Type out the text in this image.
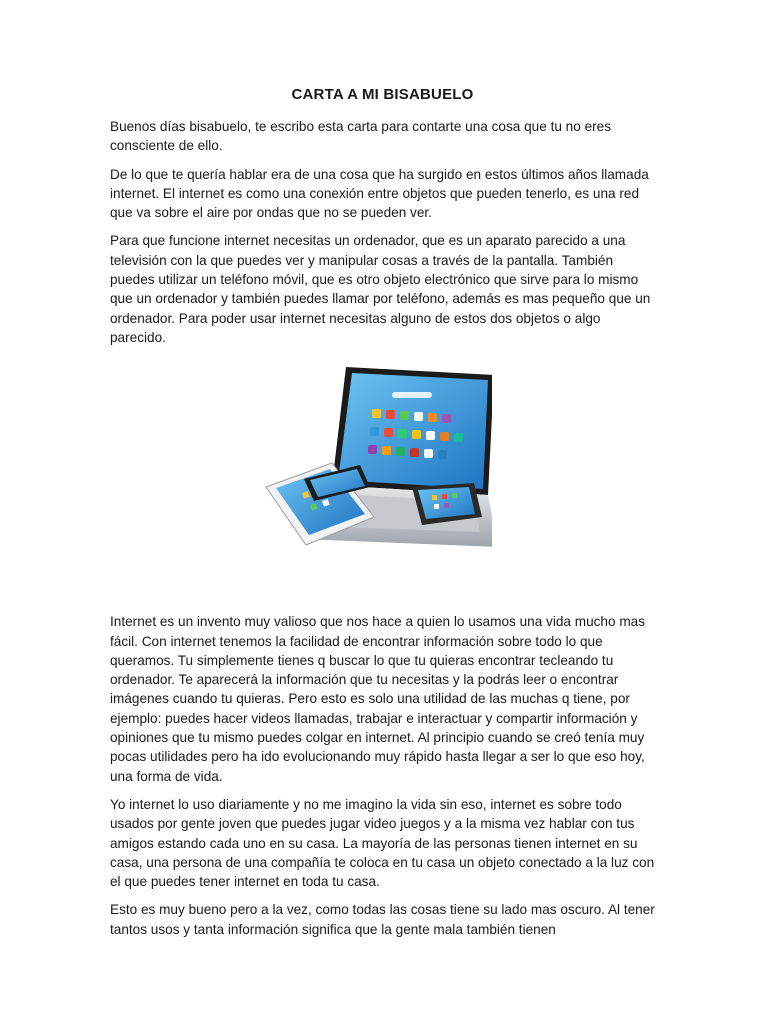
CARTA A MI BISABUELO

Buenos días bisabuelo, te escribo esta carta para contarte una cosa que tu no eres consciente de ello.

De lo que te quería hablar era de una cosa que ha surgido en estos últimos años llamada internet. El internet es como una conexión entre objetos que pueden tenerlo, es una red que va sobre el aire por ondas que no se pueden ver.

Para que funcione internet necesitas un ordenador, que es un aparato parecido a una televisión con la que puedes ver y manipular cosas a través de la pantalla. También puedes utilizar un teléfono móvil, que es otro objeto electrónico que sirve para lo mismo que un ordenador y también puedes llamar por teléfono, además es mas pequeño que un ordenador. Para poder usar internet necesitas alguno de estos dos objetos o algo parecido.

Internet es un invento muy valioso que nos hace a quien lo usamos una vida mucho mas fácil. Con internet tenemos la facilidad de encontrar información sobre todo lo que queramos. Tu simplemente tienes q buscar lo que tu quieras encontrar tecleando tu ordenador. Te aparecerá la información que tu necesitas y la podrás leer o encontrar imágenes cuando tu quieras. Pero esto es solo una utilidad de las muchas q tiene, por ejemplo: puedes hacer videos llamadas, trabajar e interactuar y compartir información y opiniones que tu mismo puedes colgar en internet. Al principio cuando se creó tenía muy pocas utilidades pero ha ido evolucionando muy rápido hasta llegar a ser lo que eso hoy, una forma de vida.

Yo internet lo uso diariamente y no me imagino la vida sin eso, internet es sobre todo usados por gente joven que puedes jugar video juegos y a la misma vez hablar con tus amigos estando cada uno en su casa. La mayoría de las personas tienen internet en su casa, una persona de una compañía te coloca en tu casa un objeto conectado a la luz con el que puedes tener internet en toda tu casa.

Esto es muy bueno pero a la vez, como todas las cosas tiene su lado mas oscuro. Al tener tantos usos y tanta información significa que la gente mala también tienen
